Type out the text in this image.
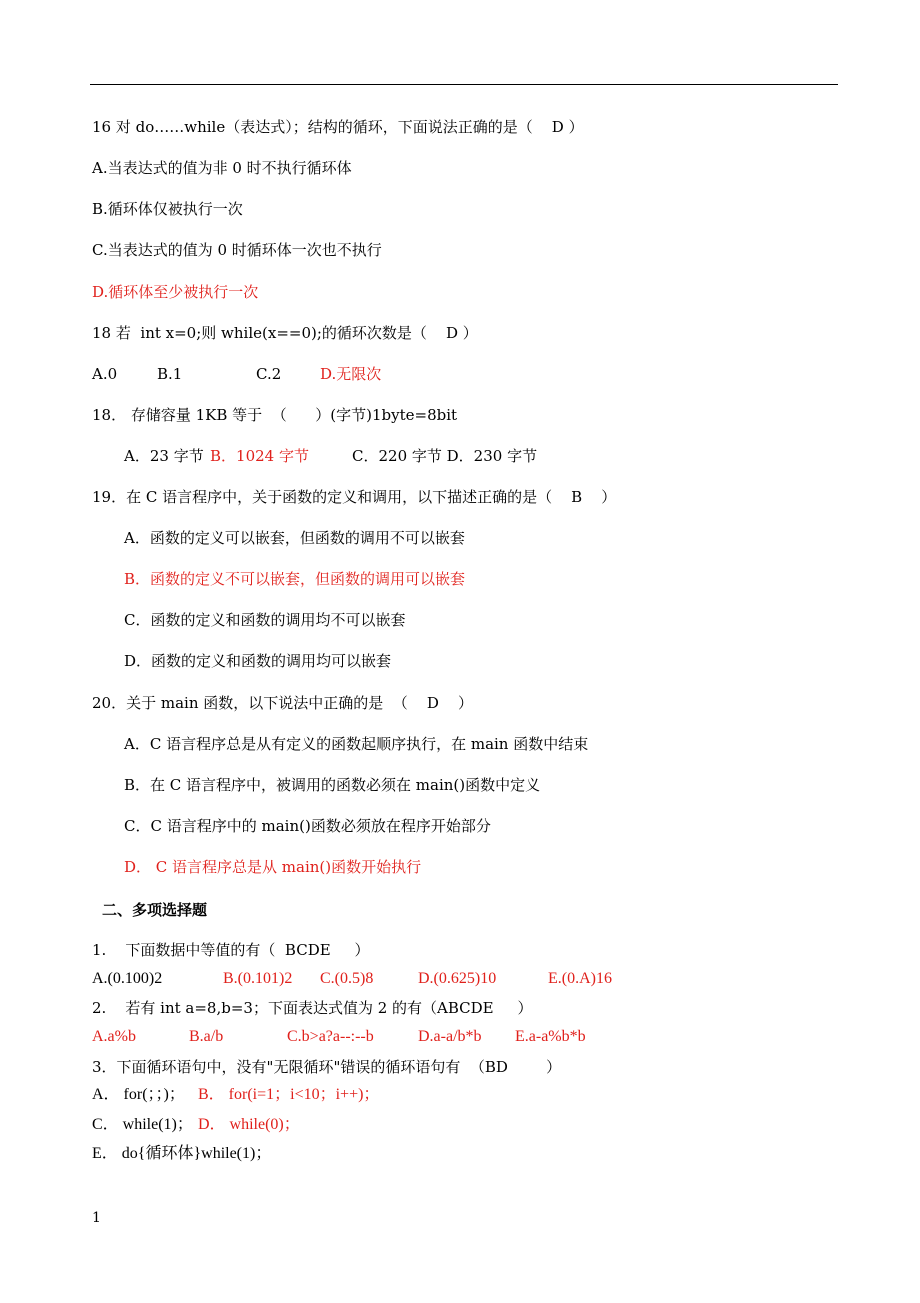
16 对 do……while（表达式）；结构的循环，下面说法正确的是（    D ）
A.当表达式的值为非 0 时不执行循环体
B.循环体仅被执行一次
C.当表达式的值为 0 时循环体一次也不执行
D.循环体至少被执行一次
18 若  int x=0;则 while(x==0);的循环次数是（    D ）
A.0	B.1	C.2	D.无限次
18． 存储容量 1KB 等于  （      ）(字节)1byte=8bit
A．23 字节 B．1024 字节	C．220 字节 D．230 字节
19．在 C 语言程序中，关于函数的定义和调用，以下描述正确的是（    B    ）
A．函数的定义可以嵌套，但函数的调用不可以嵌套
B．函数的定义不可以嵌套，但函数的调用可以嵌套
C．函数的定义和函数的调用均不可以嵌套
D．函数的定义和函数的调用均可以嵌套
20．关于 main 函数，以下说法中正确的是  （    D    ）
A．C 语言程序总是从有定义的函数起顺序执行，在 main 函数中结束
B．在 C 语言程序中，被调用的函数必须在 main()函数中定义
C．C 语言程序中的 main()函数必须放在程序开始部分
D． C 语言程序总是从 main()函数开始执行
二、多项选择题
1.    下面数据中等值的有（  BCDE     ）
A.(0.100)2	B.(0.101)2 C.(0.5)8	D.(0.625)10	E.(0.A)16
2.    若有 int a=8,b=3；下面表达式值为 2 的有（ABCDE     ）
A.a%b	B.a/b	C.b>a?a--:--b	D.a-a/b*b E.a-a%b*b
3．下面循环语句中，没有"无限循环"错误的循环语句有  （BD        ）
A． for(；；)； B． for(i=1；i<10；i++)；
C． while(1)； D． while(0)；
E． do{循环体}while(1)；
1
